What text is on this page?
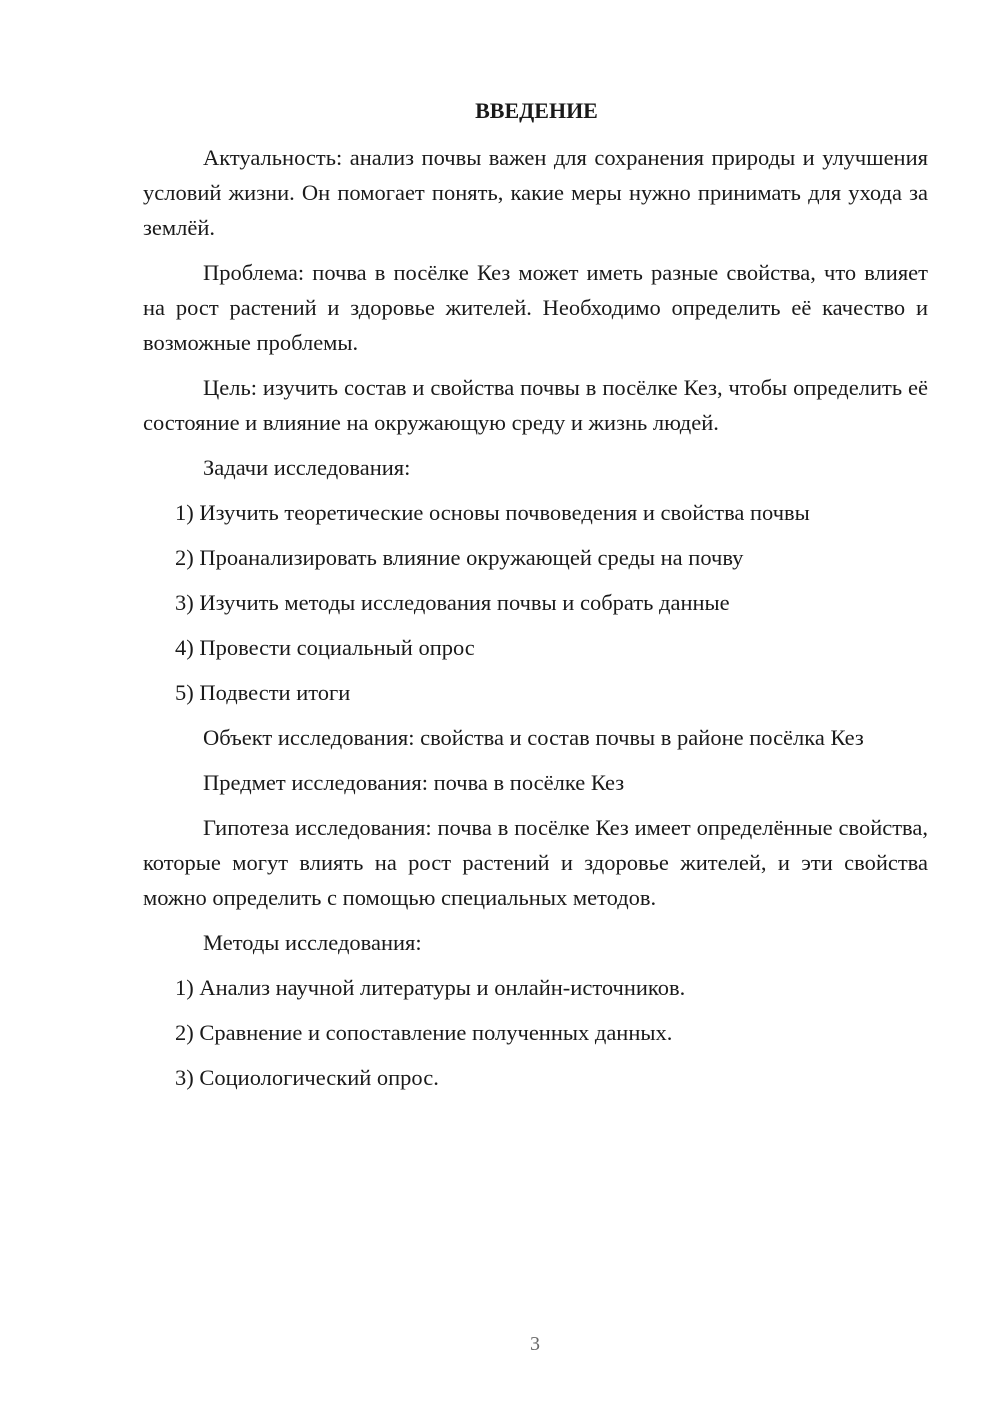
ВВЕДЕНИЕ

Актуальность: анализ почвы важен для сохранения природы и улучшения условий жизни. Он помогает понять, какие меры нужно принимать для ухода за землёй.

Проблема: почва в посёлке Кез может иметь разные свойства, что влияет на рост растений и здоровье жителей. Необходимо определить её качество и возможные проблемы.

Цель: изучить состав и свойства почвы в посёлке Кез, чтобы определить её состояние и влияние на окружающую среду и жизнь людей.

Задачи исследования:

1) Изучить теоретические основы почвоведения и свойства почвы
2) Проанализировать влияние окружающей среды на почву
3) Изучить методы исследования почвы и собрать данные
4) Провести социальный опрос
5) Подвести итоги

Объект исследования: свойства и состав почвы в районе посёлка Кез

Предмет исследования: почва в посёлке Кез

Гипотеза исследования: почва в посёлке Кез имеет определённые свойства, которые могут влиять на рост растений и здоровье жителей, и эти свойства можно определить с помощью специальных методов.

Методы исследования:

1) Анализ научной литературы и онлайн-источников.
2) Сравнение и сопоставление полученных данных.
3) Социологический опрос.
3
